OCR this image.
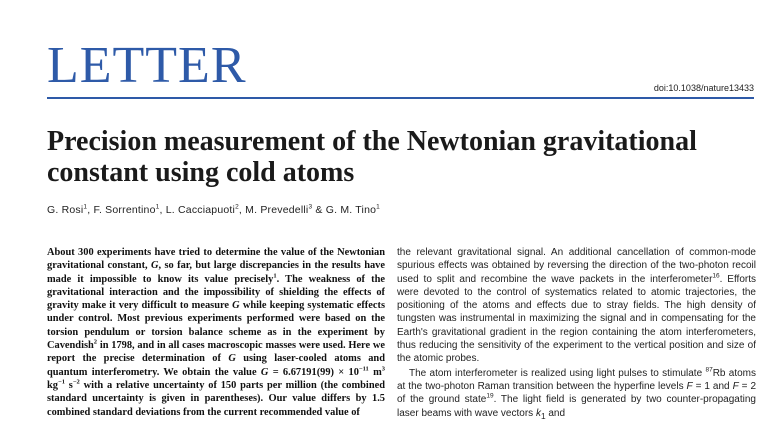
LETTER	doi:10.1038/nature13433
Precision measurement of the Newtonian gravitational constant using cold atoms
G. Rosi$^1$, F. Sorrentino$^1$, L. Cacciapuoti$^2$, M. Prevedelli$^3$ & G. M. Tino$^1$

About 300 experiments have tried to determine the value of the Newtonian gravitational constant, G, so far, but large discrepancies in the results have made it impossible to know its value precisely$^1$. The weakness of the gravitational interaction and the impossibility of shielding the effects of gravity make it very difficult to measure G while keeping systematic effects under control. Most previous experiments performed were based on the torsion pendulum or torsion balance scheme as in the experiment by Cavendish$^2$ in 1798, and in all cases macroscopic masses were used. Here we report the precise determination of G using laser-cooled atoms and quantum interferometry. We obtain the value $G = 6.67191(99) \times 10^{-11}$ $m^3$ $kg^{-1}$ $s^{-2}$ with a relative uncertainty of 150 parts per million (the combined standard uncertainty is given in parentheses). Our value differs by 1.5 combined standard deviations from the current recommended value of

the relevant gravitational signal. An additional cancellation of common-mode spurious effects was obtained by reversing the direction of the two-photon recoil used to split and recombine the wave packets in the interferometer$^{16}$. Efforts were devoted to the control of systematics related to atomic trajectories, the positioning of the atoms and effects due to stray fields. The high density of tungsten was instrumental in maximizing the signal and in compensating for the Earth's gravitational gradient in the region containing the atom interferometers, thus reducing the sensitivity of the experiment to the vertical position and size of the atomic probes.

The atom interferometer is realized using light pulses to stimulate $^{87}$Rb atoms at the two-photon Raman transition between the hyperfine levels F = 1 and F = 2 of the ground state$^{19}$. The light field is generated by two counter-propagating laser beams with wave vectors $k_1$ and
